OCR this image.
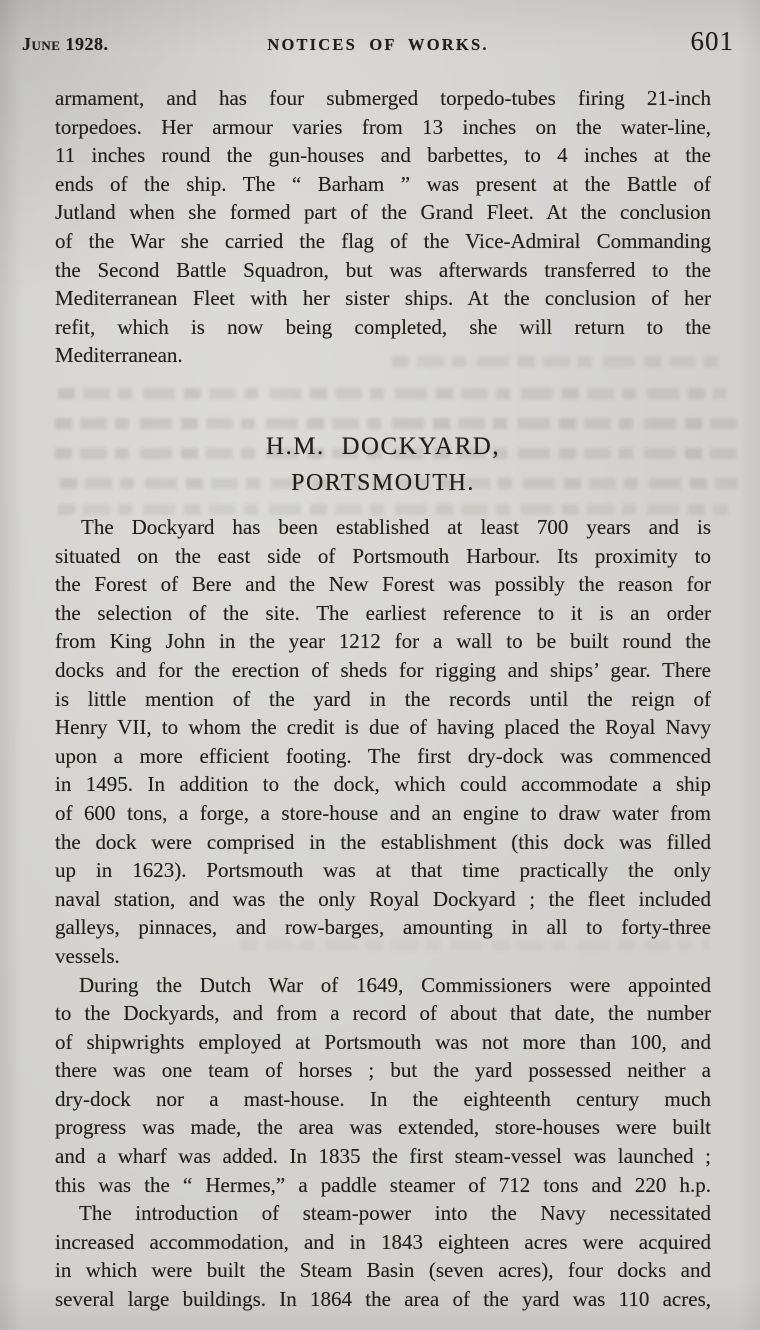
June 1928.	NOTICES OF WORKS.	601
armament, and has four submerged torpedo-tubes firing 21-inch
torpedoes. Her armour varies from 13 inches on the water-line,
11 inches round the gun-houses and barbettes, to 4 inches at the
ends of the ship. The “ Barham ” was present at the Battle of
Jutland when she formed part of the Grand Fleet. At the conclusion
of the War she carried the flag of the Vice-Admiral Commanding
the Second Battle Squadron, but was afterwards transferred to the
Mediterranean Fleet with her sister ships. At the conclusion of her
refit, which is now being completed, she will return to the
Mediterranean.
H.M. DOCKYARD,
PORTSMOUTH.
The Dockyard has been established at least 700 years and is
situated on the east side of Portsmouth Harbour. Its proximity to
the Forest of Bere and the New Forest was possibly the reason for
the selection of the site. The earliest reference to it is an order
from King John in the year 1212 for a wall to be built round the
docks and for the erection of sheds for rigging and ships’ gear. There
is little mention of the yard in the records until the reign of
Henry VII, to whom the credit is due of having placed the Royal Navy
upon a more efficient footing. The first dry-dock was commenced
in 1495. In addition to the dock, which could accommodate a ship
of 600 tons, a forge, a store-house and an engine to draw water from
the dock were comprised in the establishment (this dock was filled
up in 1623). Portsmouth was at that time practically the only
naval station, and was the only Royal Dockyard ; the fleet included
galleys, pinnaces, and row-barges, amounting in all to forty-three
vessels.
During the Dutch War of 1649, Commissioners were appointed
to the Dockyards, and from a record of about that date, the number
of shipwrights employed at Portsmouth was not more than 100, and
there was one team of horses ; but the yard possessed neither a
dry-dock nor a mast-house. In the eighteenth century much
progress was made, the area was extended, store-houses were built
and a wharf was added. In 1835 the first steam-vessel was launched ;
this was the “ Hermes,” a paddle steamer of 712 tons and 220 h.p.
The introduction of steam-power into the Navy necessitated
increased accommodation, and in 1843 eighteen acres were acquired
in which were built the Steam Basin (seven acres), four docks and
several large buildings. In 1864 the area of the yard was 110 acres,
